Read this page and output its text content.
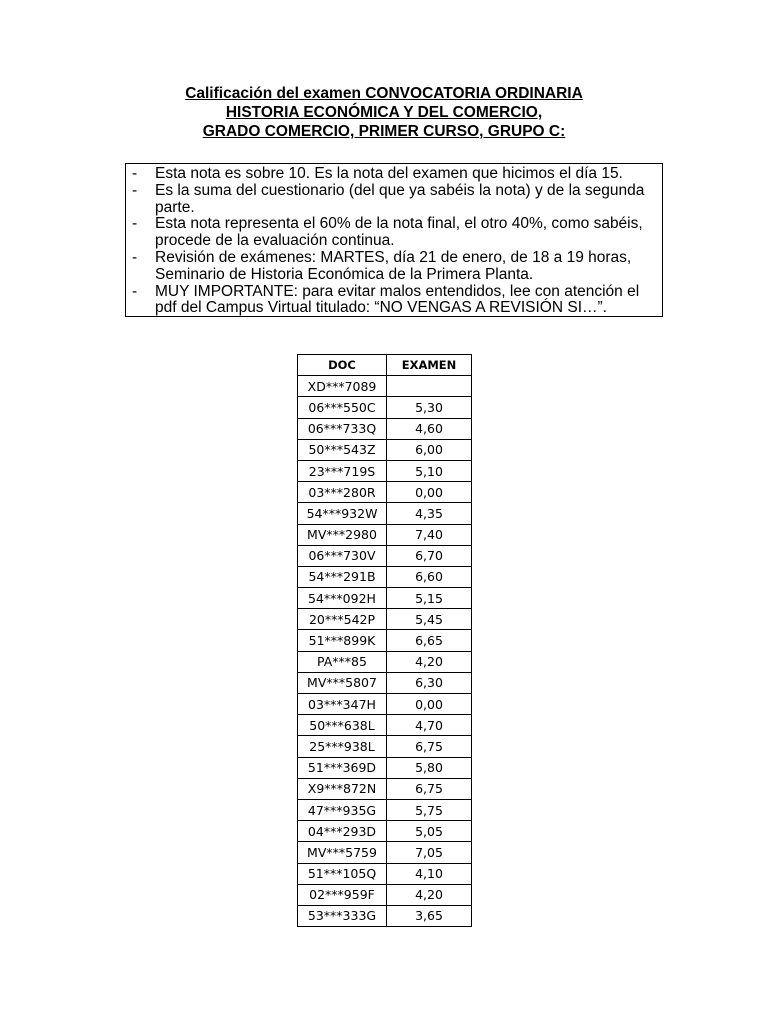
Calificación del examen CONVOCATORIA ORDINARIA
HISTORIA ECONÓMICA Y DEL COMERCIO,
GRADO COMERCIO, PRIMER CURSO, GRUPO C:
-	Esta nota es sobre 10. Es la nota del examen que hicimos el día 15.
-	Es la suma del cuestionario (del que ya sabéis la nota) y de la segunda parte.
-	Esta nota representa el 60% de la nota final, el otro 40%, como sabéis, procede de la evaluación continua.
-	Revisión de exámenes: MARTES, día 21 de enero, de 18 a 19 horas, Seminario de Historia Económica de la Primera Planta.
-	MUY IMPORTANTE: para evitar malos entendidos, lee con atención el pdf del Campus Virtual titulado: “NO VENGAS A REVISIÓN SI…”.
DOC	EXAMEN
XD***7089	
06***550C	5,30
06***733Q	4,60
50***543Z	6,00
23***719S	5,10
03***280R	0,00
54***932W	4,35
MV***2980	7,40
06***730V	6,70
54***291B	6,60
54***092H	5,15
20***542P	5,45
51***899K	6,65
PA***85	4,20
MV***5807	6,30
03***347H	0,00
50***638L	4,70
25***938L	6,75
51***369D	5,80
X9***872N	6,75
47***935G	5,75
04***293D	5,05
MV***5759	7,05
51***105Q	4,10
02***959F	4,20
53***333G	3,65
